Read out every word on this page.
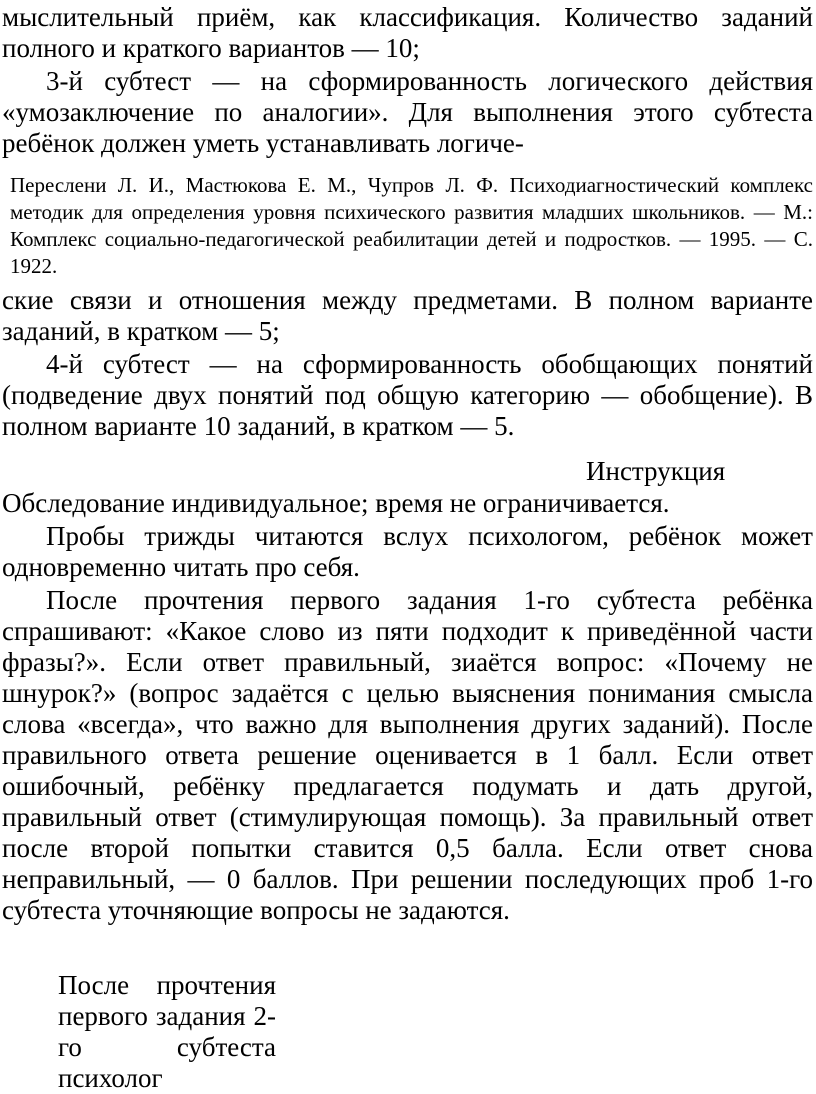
мыслительный приём, как классификация. Количество заданий полного и краткого вариантов — 10;

3-й субтест — на сформированность логического действия «умозаключение по аналогии». Для выполнения этого субтеста ребёнок должен уметь устанавливать логиче-

Переслени Л. И., Мастюкова Е. М., Чупров Л. Ф. Психодиагностический комплекс методик для определения уровня психического развития младших школьников. — М.: Комплекс социально-педагогической реабилитации детей и подростков. — 1995. — С. 1922.

ские связи и отношения между предметами. В полном варианте заданий, в кратком — 5;

4-й субтест — на сформированность обобщающих понятий (подведение двух понятий под общую категорию — обобщение). В полном варианте 10 заданий, в кратком — 5.

Инструкция

Обследование индивидуальное; время не ограничивается.

Пробы трижды читаются вслух психологом, ребёнок может одновременно читать про себя.

После прочтения первого задания 1-го субтеста ребёнка спрашивают: «Какое слово из пяти подходит к приведённой части фразы?». Если ответ правильный, зиаётся вопрос: «Почему не шнурок?» (вопрос задаётся с целью выяснения понимания смысла слова «всегда», что важно для выполнения других заданий). После правильного ответа решение оценивается в 1 балл. Если ответ ошибочный, ребёнку предлагается подумать и дать другой, правильный ответ (стимулирующая помощь). За правильный ответ после второй попытки ставится 0,5 балла. Если ответ снова неправильный, — 0 баллов. При решении последующих проб 1-го субтеста уточняющие вопросы не задаются.

После прочтения первого задания 2-го субтеста психолог
